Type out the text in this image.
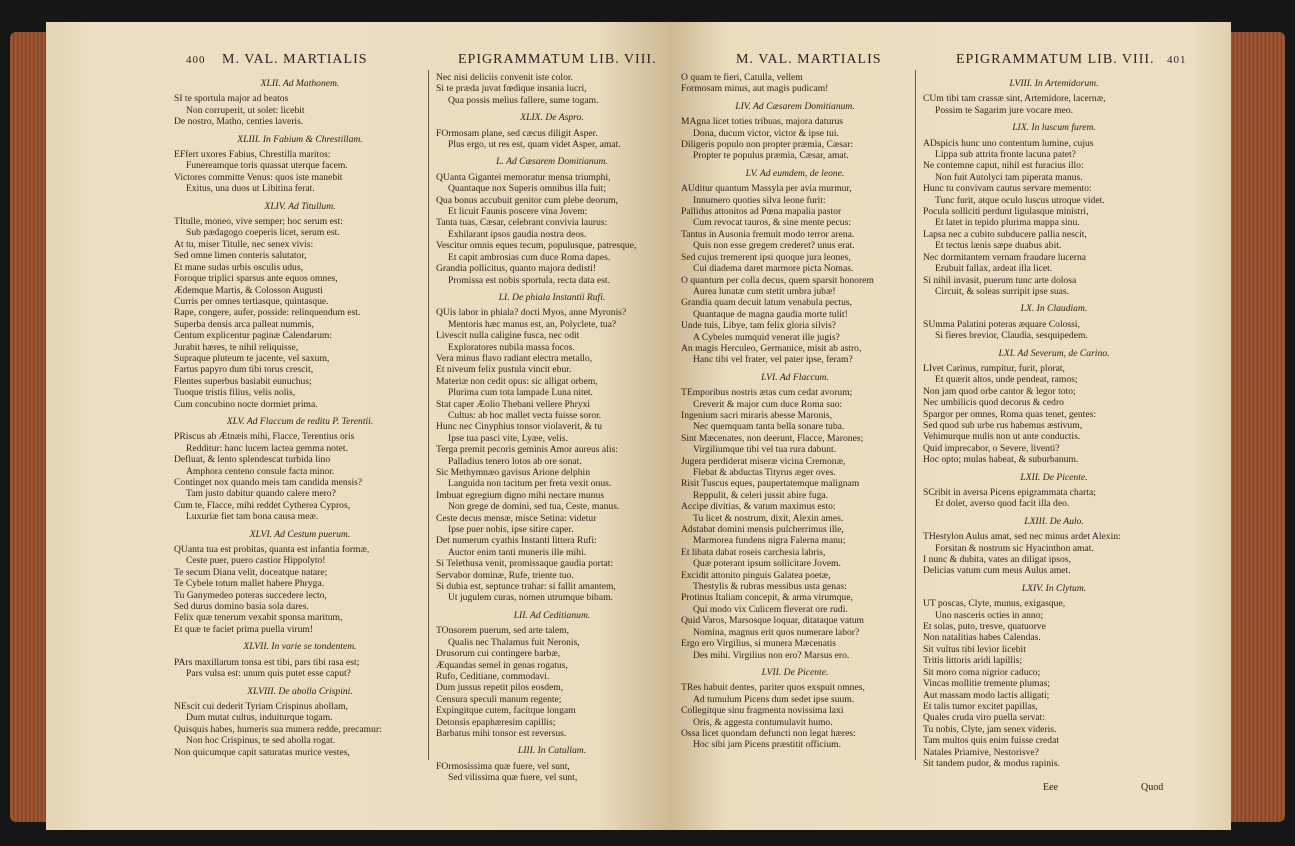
400 M. VAL. MARTIALIS	EPIGRAMMATUM LIB. VIII.
XLII. Ad Mathonem.
SI te sportula major ad beatos
Non corruperit, ut solet: licebit
De nostro, Matho, centies laveris.
XLIII. In Fabium & Chrestillam.
EFfert uxores Fabius, Chrestilla maritos:
Funereamque toris quassat uterque facem.
Victores committe Venus: quos iste manebit
Exitus, una duos ut Libitina ferat.
XLIV. Ad Titullum.
TItulle, moneo, vive semper; hoc serum est:
Sub pædagogo coeperis licet, serum est.
At tu, miser Titulle, nec senex vivis:
Sed omne limen conteris salutator,
Et mane sudas urbis osculis udus,
Foroque triplici sparsus ante equos omnes,
Ædemque Martis, & Colosson Augusti
Curris per omnes tertiasque, quintasque.
Rape, congere, aufer, posside: relinquendum est.
Superba densis arca palleat nummis,
Centum explicentur paginæ Calendarum:
Jurabit hæres, te nihil reliquisse,
Supraque pluteum te jacente, vel saxum,
Fartus papyro dum tibi torus crescit,
Flentes superbus basiabit eunuchus;
Tuoque tristis filius, velis nolis,
Cum concubino nocte dormiet prima.
XLV. Ad Flaccum de reditu P. Terentii.
PRiscus ab Ætnæis mihi, Flacce, Terentius oris
Redditur: hanc lucem lactea gemma notet.
Defluat, & lento splendescat turbida lino
Amphora centeno consule facta minor.
Continget nox quando meis tam candida mensis?
Tam justo dabitur quando calere mero?
Cum te, Flacce, mihi reddet Cytherea Cypros,
Luxuriæ fiet tam bona causa meæ.
XLVI. Ad Cestum puerum.
QUanta tua est probitas, quanta est infantia formæ,
Ceste puer, puero castior Hippolyto!
Te secum Diana velit, doceatque natare;
Te Cybele totum mallet habere Phryga.
Tu Ganymedeo poteras succedere lecto,
Sed durus domino basia sola dares.
Felix quæ tenerum vexabit sponsa maritum,
Et quæ te faciet prima puella virum!
XLVII. In varie se tondentem.
PArs maxillarum tonsa est tibi, pars tibi rasa est;
Pars vulsa est: unum quis putet esse caput?
XLVIII. De abolla Crispini.
NEscit cui dederit Tyriam Crispinus abollam,
Dum mutat cultus, induiturque togam.
Quisquis habes, humeris sua munera redde, precamur:
Non hoc Crispinus, te sed abolla rogat.
Non quicumque capit saturatas murice vestes,
Nec nisi deliciis convenit iste color.
Si te præda juvat fœdique insania lucri,
Qua possis melius fallere, sume togam.
XLIX. De Aspro.
FOrmosam plane, sed cæcus diligit Asper.
Plus ergo, ut res est, quam videt Asper, amat.
L. Ad Cæsarem Domitianum.
QUanta Gigantei memoratur mensa triumphi,
Quantaque nox Superis omnibus illa fuit;
Qua bonus accubuit genitor cum plebe deorum,
Et licuit Faunis poscere vina Jovem:
Tanta tuas, Cæsar, celebrant convivia laurus:
Exhilarant ipsos gaudia nostra deos.
Vescitur omnis eques tecum, populusque, patresque,
Et capit ambrosias cum duce Roma dapes.
Grandia pollicitus, quanto majora dedisti!
Promissa est nobis sportula, recta data est.
LI. De phiala Instantii Rufi.
QUis labor in phiala? docti Myos, anne Myronis?
Mentoris hæc manus est, an, Polyclete, tua?
Livescit nulla caligine fusca, nec odit
Exploratores nubila massa focos.
Vera minus flavo radiant electra metallo,
Et niveum felix pustula vincit ebur.
Materiæ non cedit opus: sic alligat orbem,
Plurima cum tota lampade Luna nitet.
Stat caper Æolio Thebani vellere Phryxi
Cultus: ab hoc mallet vecta fuisse soror.
Hunc nec Cinyphius tonsor violaverit, & tu
Ipse tua pasci vite, Lyæe, velis.
Terga premit pecoris geminis Amor aureus alis:
Palladius tenero lotos ab ore sonat.
Sic Methymnæo gavisus Arione delphin
Languida non tacitum per freta vexit onus.
Imbuat egregium digno mihi nectare munus
Non grege de domini, sed tua, Ceste, manus.
Ceste decus mensæ, misce Setina: videtur
Ipse puer nobis, ipse sitire caper.
Det numerum cyathis Instanti littera Rufi:
Auctor enim tanti muneris ille mihi.
Si Telethusa venit, promissaque gaudia portat:
Servabor dominæ, Rufe, triente tuo.
Si dubia est, septunce trahar: si fallit amantem,
Ut jugulem curas, nomen utrumque bibam.
LII. Ad Ceditianum.
TOnsorem puerum, sed arte talem,
Qualis nec Thalamus fuit Neronis,
Drusorum cui contingere barbæ,
Æquandas semel in genas rogatus,
Rufo, Ceditiane, commodavi.
Dum jussus repetit pilos eosdem,
Censura speculi manum regente;
Expingitque cutem, facitque longam
Detonsis epaphæresim capillis;
Barbatus mihi tonsor est reversus.
LIII. In Catullam.
FOrmosissima quæ fuere, vel sunt,
Sed vilissima quæ fuere, vel sunt,
M. VAL. MARTIALIS	EPIGRAMMATUM LIB. VIII. 401
O quam te fieri, Catulla, vellem
Formosam minus, aut magis pudicam!
LIV. Ad Cæsarem Domitianum.
MAgna licet toties tribuas, majora daturus
Dona, ducum victor, victor & ipse tui.
Diligeris populo non propter præmia, Cæsar:
Propter te populus præmia, Cæsar, amat.
LV. Ad eumdem, de leone.
AUditur quantum Massyla per avia murmur,
Innumero quoties silva leone furit:
Pallidus attonitos ad Pœna mapalia pastor
Cum revocat tauros, & sine mente pecus:
Tantus in Ausonia fremuit modo terror arena.
Quis non esse gregem crederet? unus erat.
Sed cujus tremerent ipsi quoque jura leones,
Cui diadema daret marmore picta Nomas.
O quantum per colla decus, quem sparsit honorem
Aurea lunatæ cum stetit umbra jubæ!
Grandia quam decuit latum venabula pectus,
Quantaque de magna gaudia morte tulit!
Unde tuis, Libye, tam felix gloria silvis?
A Cybeles numquid venerat ille jugis?
An magis Herculeo, Germanice, misit ab astro,
Hanc tibi vel frater, vel pater ipse, feram?
LVI. Ad Flaccum.
TEmporibus nostris ætas cum cedat avorum;
Creverit & major cum duce Roma suo:
Ingenium sacri miraris abesse Maronis,
Nec quemquam tanta bella sonare tuba.
Sint Mæcenates, non deerunt, Flacce, Marones;
Virgiliumque tibi vel tua rura dabunt.
Jugera perdiderat miseræ vicina Cremonæ,
Flebat & abductas Tityrus æger oves.
Risit Tuscus eques, paupertatemque malignam
Reppulit, & celeri jussit abire fuga.
Accipe divitias, & vatum maximus esto:
Tu licet & nostrum, dixit, Alexin ames.
Adstabat domini mensis pulcherrimus ille,
Marmorea fundens nigra Falerna manu;
Et libata dabat roseis carchesia labris,
Quæ poterant ipsum sollicitare Jovem.
Excidit attonito pinguis Galatea poetæ,
Thestylis & rubras messibus usta genas:
Protinus Italiam concepit, & arma virumque,
Qui modo vix Culicem fleverat ore rudi.
Quid Varos, Marsosque loquar, ditataque vatum
Nomina, magnus erit quos numerare labor?
Ergo ero Virgilius, si munera Mæcenatis
Des mihi. Virgilius non ero? Marsus ero.
LVII. De Picente.
TRes habuit dentes, pariter quos exspuit omnes,
Ad tumulum Picens dum sedet ipse suum.
Collegitque sinu fragmenta novissima laxi
Oris, & aggesta contumulavit humo.
Ossa licet quondam defuncti non legat hæres:
Hoc sibi jam Picens præstitit officium.
LVIII. In Artemidorum.
CUm tibi tam crassæ sint, Artemidore, lacernæ,
Possim te Sagarim jure vocare meo.
LIX. In luscum furem.
ADspicis hunc uno contentum lumine, cujus
Lippa sub attrita fronte lacuna patet?
Ne contemne caput, nihil est furacius illo:
Non fuit Autolyci tam piperata manus.
Hunc tu convivam cautus servare memento:
Tunc furit, atque oculo luscus utroque videt.
Pocula solliciti perdunt ligulasque ministri,
Et latet in tepido plurima mappa sinu.
Lapsa nec a cubito subducere pallia nescit,
Et tectus lænis sæpe duabus abit.
Nec dormitantem vernam fraudare lucerna
Erubuit fallax, ardeat illa licet.
Si nihil invasit, puerum tunc arte dolosa
Circuit, & soleas surripit ipse suas.
LX. In Claudiam.
SUmma Palatini poteras æquare Colossi,
Si fieres brevior, Claudia, sesquipedem.
LXI. Ad Severum, de Carino.
LIvet Carinus, rumpitur, furit, plorat,
Et quærit altos, unde pendeat, ramos;
Non jam quod orbe cantor & legor toto;
Nec umbilicis quod decorus & cedro
Spargor per omnes, Roma quas tenet, gentes:
Sed quod sub urbe rus habemus æstivum,
Vehimurque mulis non ut ante conductis.
Quid imprecabor, o Severe, liventi?
Hoc opto; mulas habeat, & suburbanum.
LXII. De Picente.
SCribit in aversa Picens epigrammata charta;
Et dolet, averso quod facit illa deo.
LXIII. De Aulo.
THestylon Aulus amat, sed nec minus ardet Alexin:
Forsitan & nostrum sic Hyacinthon amat.
I nunc & dubita, vates an diligat ipsos,
Delicias vatum cum meus Aulus amet.
LXIV. In Clytum.
UT poscas, Clyte, munus, exigasque,
Uno nasceris octies in anno;
Et solas, puto, tresve, quatuorve
Non natalitias habes Calendas.
Sit vultus tibi levior licebit
Tritis littoris aridi lapillis;
Sit moro coma nigrior caduco;
Vincas mollitie tremente plumas;
Aut massam modo lactis alligati;
Et talis tumor excitet papillas,
Quales cruda viro puella servat:
Tu nobis, Clyte, jam senex videris.
Tam multos quis enim fuisse credat
Natales Priamive, Nestorisve?
Sit tandem pudor, & modus rapinis.
Eee	Quod
